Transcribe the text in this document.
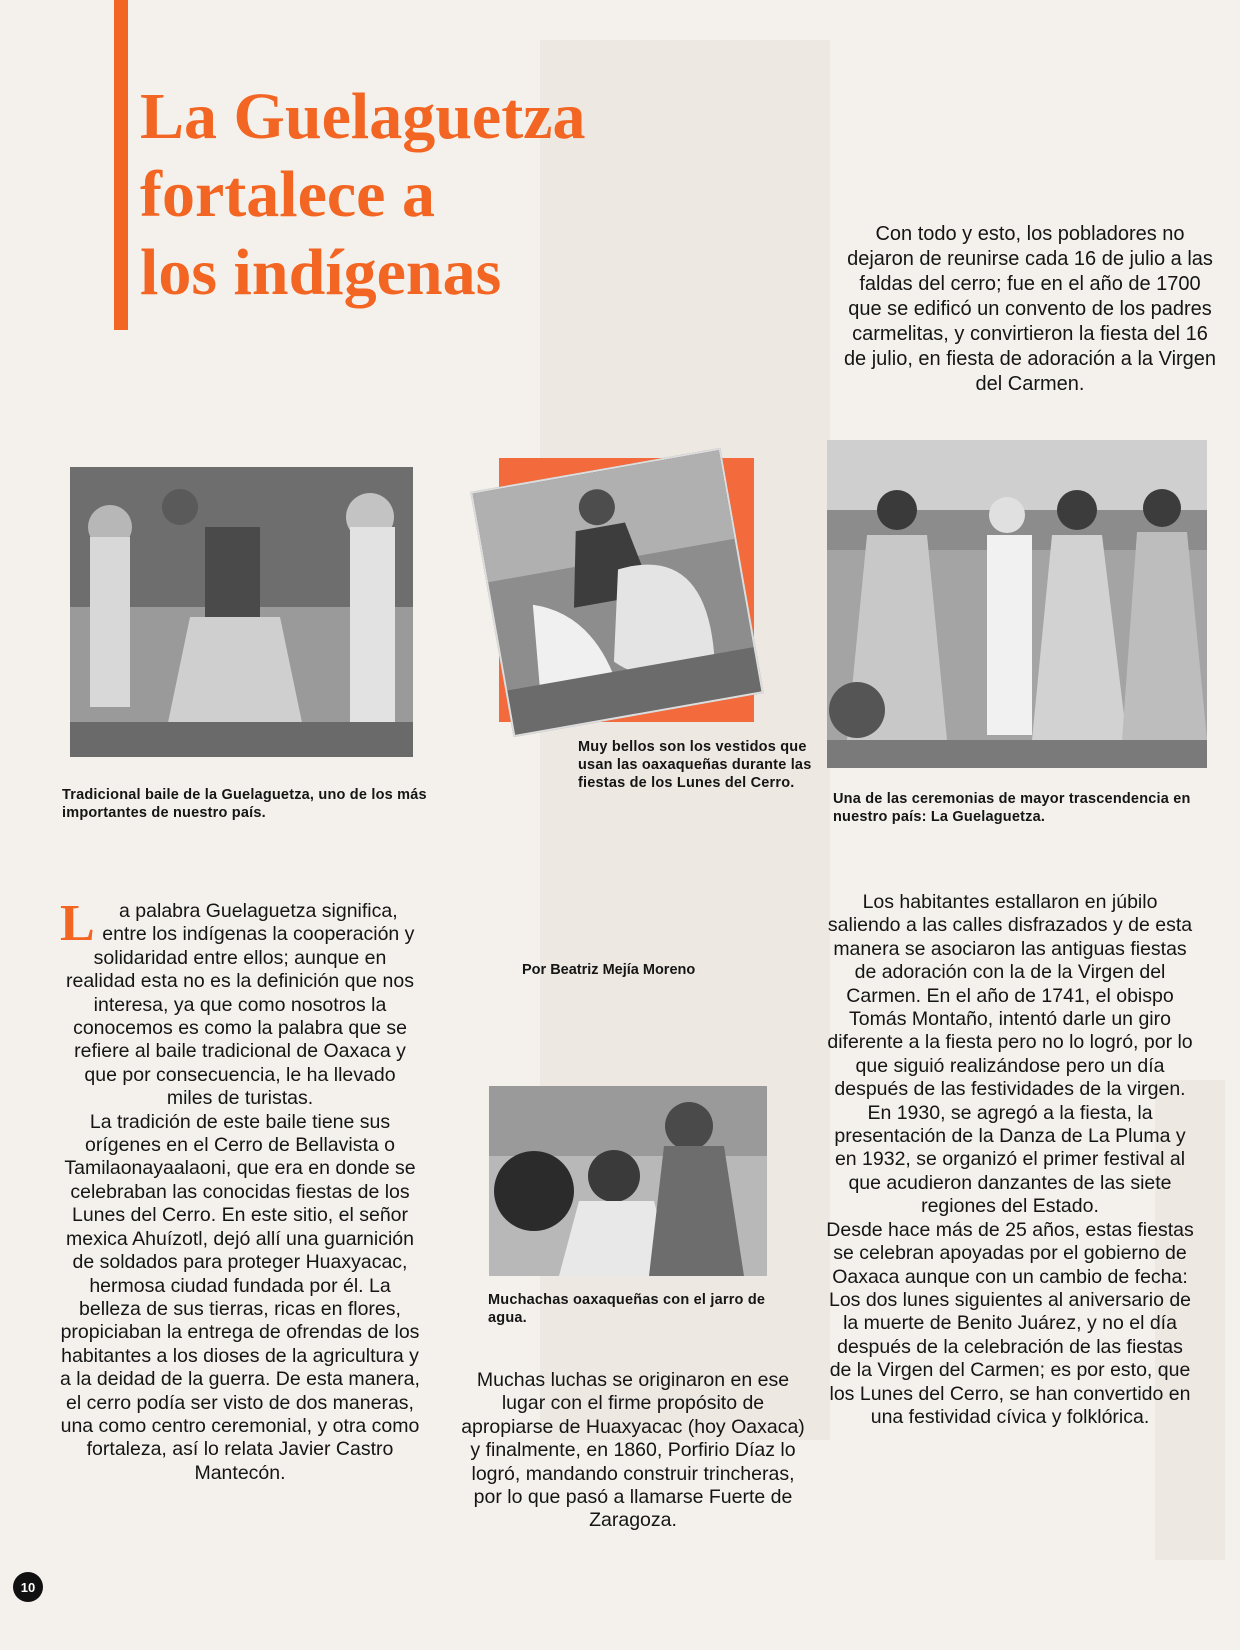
La Guelaguetza
fortalece a
los indígenas

Con todo y esto, los pobladores no dejaron de reunirse cada 16 de julio a las faldas del cerro; fue en el año de 1700 que se edificó un convento de los padres carmelitas, y convirtieron la fiesta del 16 de julio, en fiesta de adoración a la Virgen del Carmen.

Tradicional baile de la Guelaguetza, uno de los más importantes de nuestro país.
Muy bellos son los vestidos que usan las oaxaqueñas durante las fiestas de los Lunes del Cerro.
Una de las ceremonias de mayor trascendencia en nuestro país: La Guelaguetza.
Por Beatriz Mejía Moreno
Muchachas oaxaqueñas con el jarro de agua.

L a palabra Guelaguetza significa, entre los indígenas la cooperación y solidaridad entre ellos; aunque en realidad esta no es la definición que nos interesa, ya que como nosotros la conocemos es como la palabra que se refiere al baile tradicional de Oaxaca y que por consecuencia, le ha llevado miles de turistas.

La tradición de este baile tiene sus orígenes en el Cerro de Bellavista o Tamilaonayaalaoni, que era en donde se celebraban las conocidas fiestas de los Lunes del Cerro. En este sitio, el señor mexica Ahuízotl, dejó allí una guarnición de soldados para proteger Huaxyacac, hermosa ciudad fundada por él. La belleza de sus tierras, ricas en flores, propiciaban la entrega de ofrendas de los habitantes a los dioses de la agricultura y a la deidad de la guerra. De esta manera, el cerro podía ser visto de dos maneras, una como centro ceremonial, y otra como fortaleza, así lo relata Javier Castro Mantecón.

Muchas luchas se originaron en ese lugar con el firme propósito de apropiarse de Huaxyacac (hoy Oaxaca) y finalmente, en 1860, Porfirio Díaz lo logró, mandando construir trincheras, por lo que pasó a llamarse Fuerte de Zaragoza.

Los habitantes estallaron en júbilo saliendo a las calles disfrazados y de esta manera se asociaron las antiguas fiestas de adoración con la de la Virgen del Carmen. En el año de 1741, el obispo Tomás Montaño, intentó darle un giro diferente a la fiesta pero no lo logró, por lo que siguió realizándose pero un día después de las festividades de la virgen. En 1930, se agregó a la fiesta, la presentación de la Danza de La Pluma y en 1932, se organizó el primer festival al que acudieron danzantes de las siete regiones del Estado.

Desde hace más de 25 años, estas fiestas se celebran apoyadas por el gobierno de Oaxaca aunque con un cambio de fecha: Los dos lunes siguientes al aniversario de la muerte de Benito Juárez, y no el día después de la celebración de las fiestas de la Virgen del Carmen; es por esto, que los Lunes del Cerro, se han convertido en una festividad cívica y folklórica.

10
